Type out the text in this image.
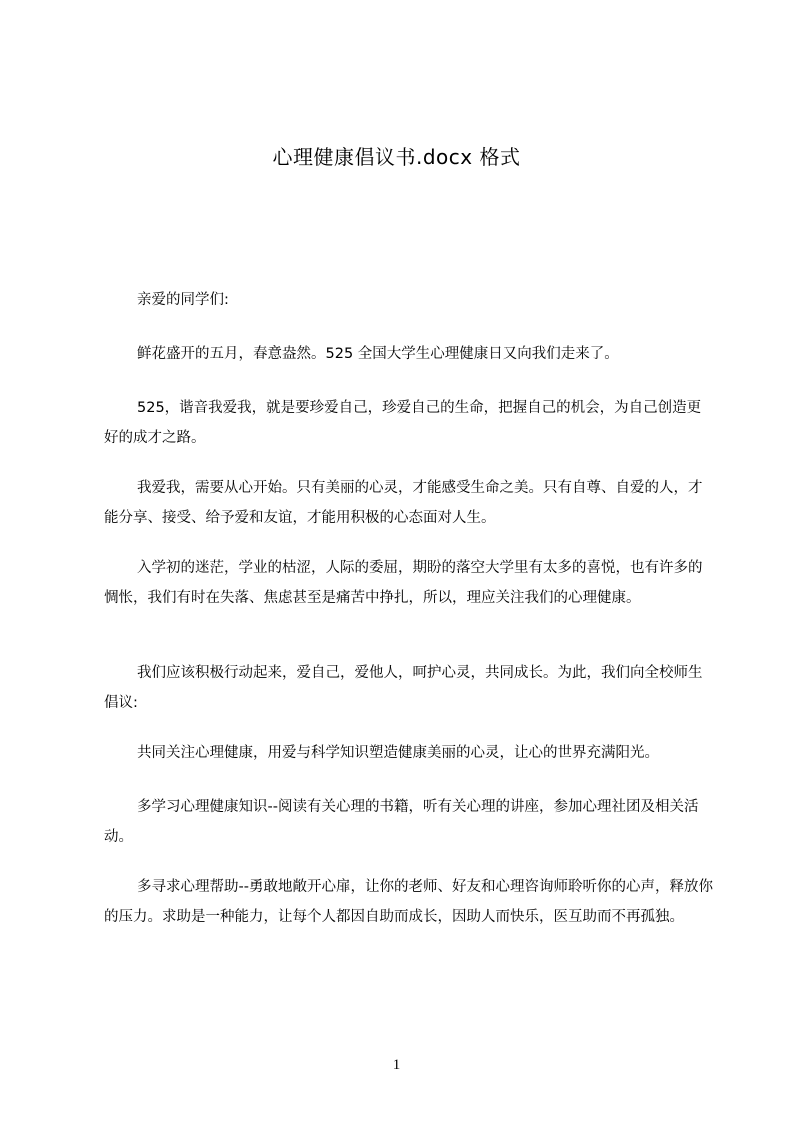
心理健康倡议书.docx 格式

亲爱的同学们:

鲜花盛开的五月，春意盎然。525 全国大学生心理健康日又向我们走来了。

525，谐音我爱我，就是要珍爱自己，珍爱自己的生命，把握自己的机会，为自己创造更好的成才之路。

我爱我，需要从心开始。只有美丽的心灵，才能感受生命之美。只有自尊、自爱的人，才能分享、接受、给予爱和友谊，才能用积极的心态面对人生。

入学初的迷茫，学业的枯涩，人际的委屈，期盼的落空大学里有太多的喜悦，也有许多的惆怅，我们有时在失落、焦虑甚至是痛苦中挣扎，所以，理应关注我们的心理健康。

我们应该积极行动起来，爱自己，爱他人，呵护心灵，共同成长。为此，我们向全校师生倡议:

共同关注心理健康，用爱与科学知识塑造健康美丽的心灵，让心的世界充满阳光。

多学习心理健康知识--阅读有关心理的书籍，听有关心理的讲座，参加心理社团及相关活动。

多寻求心理帮助--勇敢地敞开心扉，让你的老师、好友和心理咨询师聆听你的心声，释放你的压力。求助是一种能力，让每个人都因自助而成长，因助人而快乐，医互助而不再孤独。

1
